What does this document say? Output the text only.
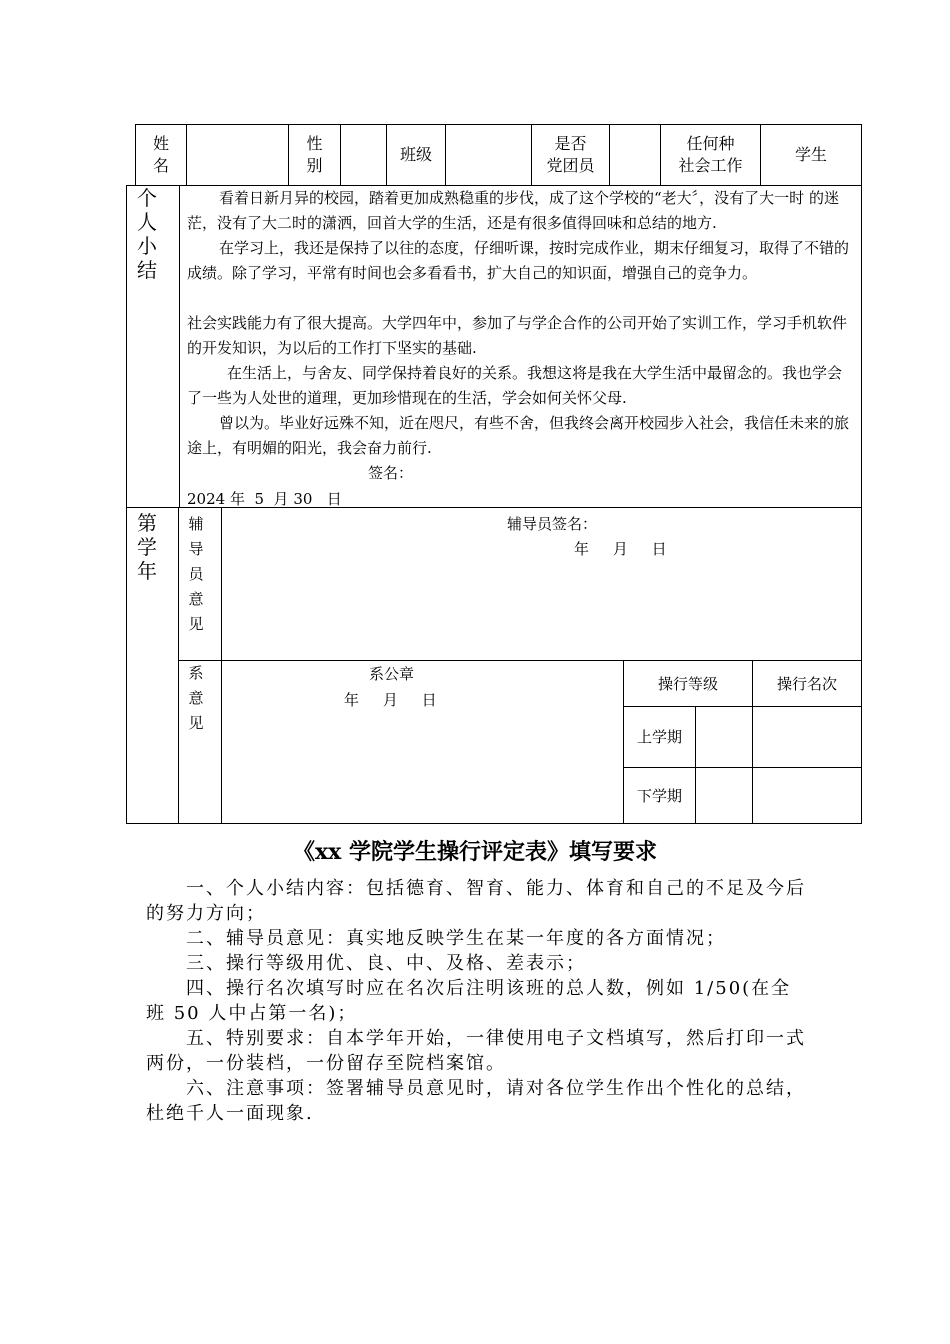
姓
名
性
别
班级
是否
党团员
任何种
社会工作
学生
个
人
小
结
看着日新月异的校园，踏着更加成熟稳重的步伐，成了这个学校的“老大〞，没有了大一时 的迷茫，没有了大二时的潇洒，回首大学的生活，还是有很多值得回味和总结的地方.
在学习上，我还是保持了以往的态度，仔细听课，按时完成作业，期末仔细复习，取得了不错的成绩。除了学习，平常有时间也会多看看书，扩大自己的知识面，增强自己的竞争力。
社会实践能力有了很大提高。大学四年中，参加了与学企合作的公司开始了实训工作，学习手机软件的开发知识，为以后的工作打下坚实的基础.
在生活上，与舍友、同学保持着良好的关系。我想这将是我在大学生活中最留念的。我也学会了一些为人处世的道理，更加珍惜现在的生活，学会如何关怀父母.
曾以为。毕业好远殊不知，近在咫尺，有些不舍，但我终会离开校园步入社会，我信任未来的旅途上，有明媚的阳光，我会奋力前行.
签名：
2024 年  5  月 30   日
第
学
年
辅
导
员
意
见
辅导员签名：
年     月     日
系
意
见
系公章
年     月     日
操行等级	操行名次
上学期
下学期
《xx 学院学生操行评定表》填写要求
一、个人小结内容：包括德育、智育、能力、体育和自己的不足及今后的努力方向；
二、辅导员意见：真实地反映学生在某一年度的各方面情况；
三、操行等级用优、良、中、及格、差表示；
四、操行名次填写时应在名次后注明该班的总人数，例如 1/50(在全班 50 人中占第一名)；
五、特别要求：自本学年开始，一律使用电子文档填写，然后打印一式两份，一份装档，一份留存至院档案馆。
六、注意事项：签署辅导员意见时，请对各位学生作出个性化的总结，杜绝千人一面现象.
